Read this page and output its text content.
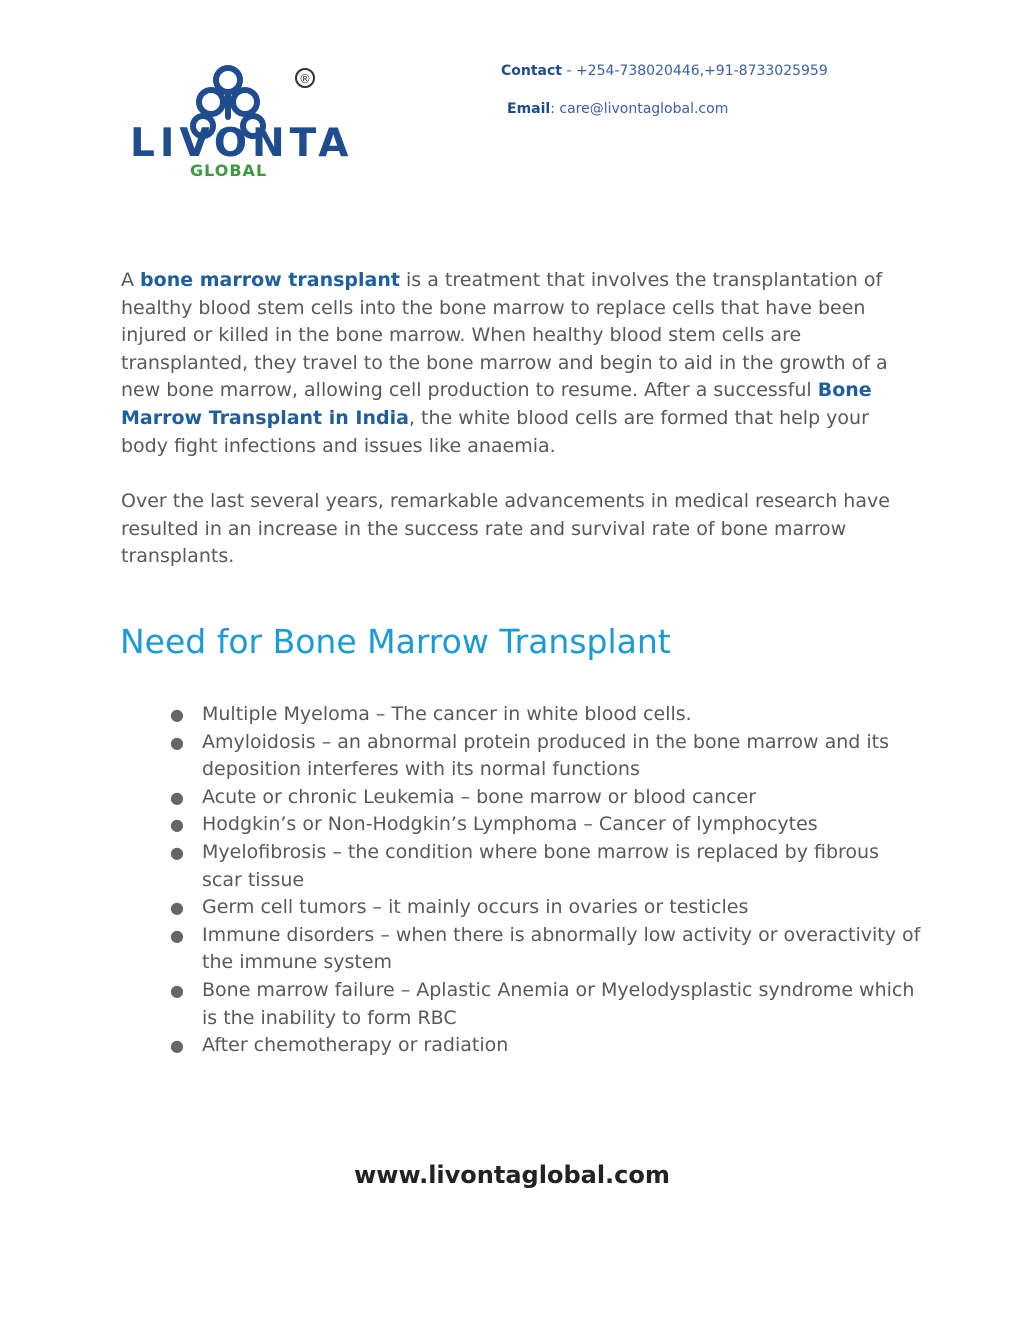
®
LIVONTA
GLOBAL
Contact - +254-738020446,+91-8733025959
Email: care@livontaglobal.com

A bone marrow transplant is a treatment that involves the transplantation of healthy blood stem cells into the bone marrow to replace cells that have been injured or killed in the bone marrow. When healthy blood stem cells are transplanted, they travel to the bone marrow and begin to aid in the growth of a new bone marrow, allowing cell production to resume. After a successful Bone Marrow Transplant in India, the white blood cells are formed that help your body fight infections and issues like anaemia.

Over the last several years, remarkable advancements in medical research have resulted in an increase in the success rate and survival rate of bone marrow transplants.

Need for Bone Marrow Transplant
● Multiple Myeloma – The cancer in white blood cells.
● Amyloidosis – an abnormal protein produced in the bone marrow and its deposition interferes with its normal functions
● Acute or chronic Leukemia – bone marrow or blood cancer
● Hodgkin’s or Non-Hodgkin’s Lymphoma – Cancer of lymphocytes
● Myelofibrosis – the condition where bone marrow is replaced by fibrous scar tissue
● Germ cell tumors – it mainly occurs in ovaries or testicles
● Immune disorders – when there is abnormally low activity or overactivity of the immune system
● Bone marrow failure – Aplastic Anemia or Myelodysplastic syndrome which is the inability to form RBC
● After chemotherapy or radiation
www.livontaglobal.com
